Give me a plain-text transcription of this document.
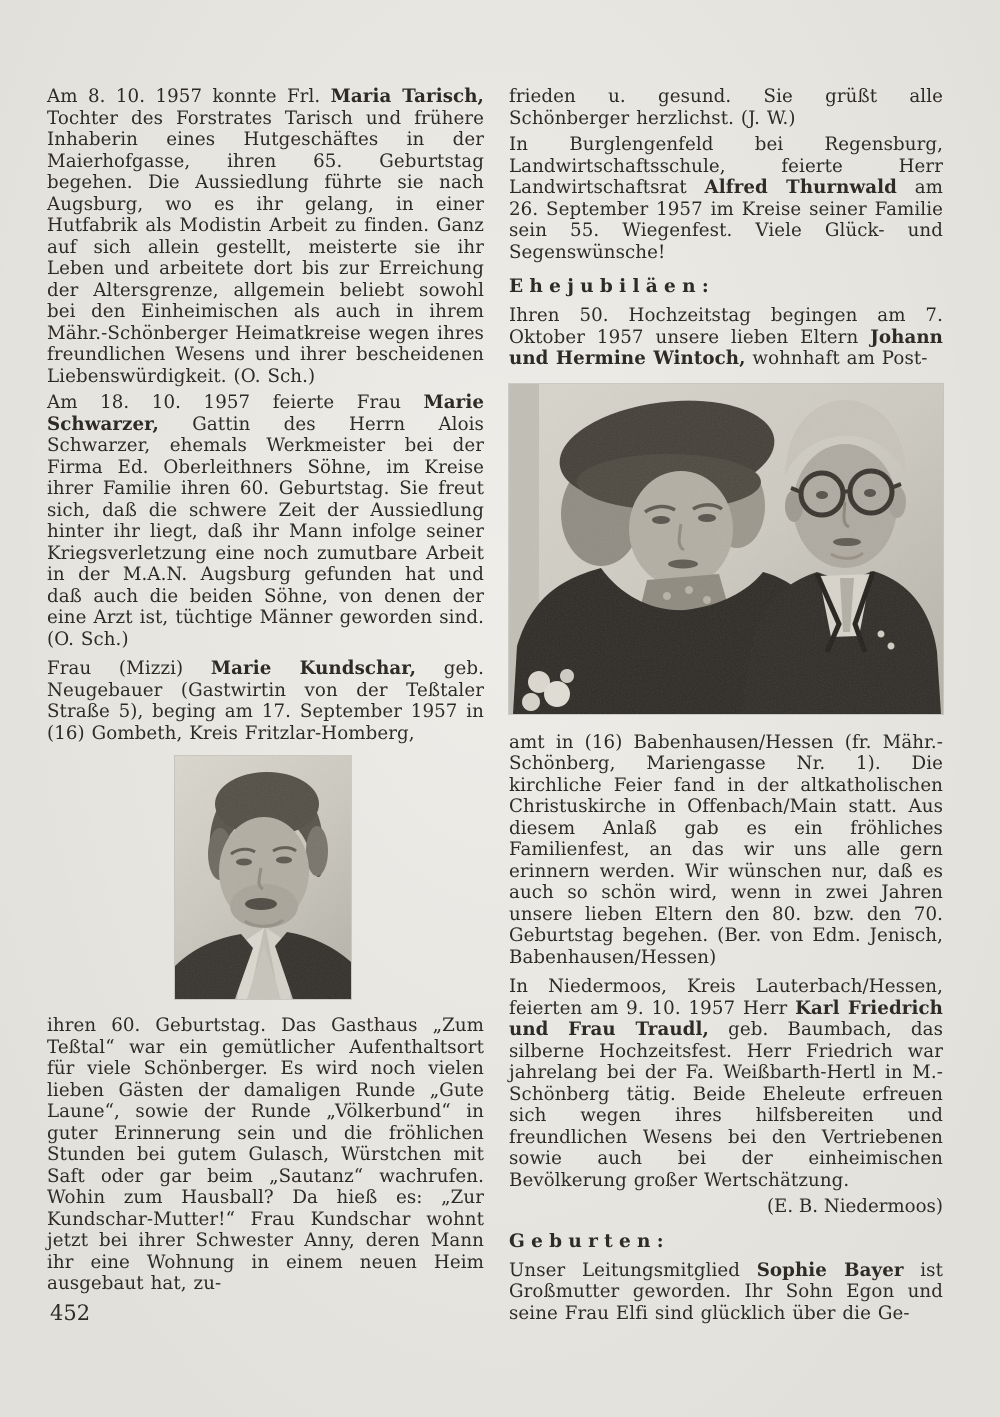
Am 8. 10. 1957 konnte Frl. Maria Tarisch, Tochter des Forstrates Tarisch und frühere Inhaberin eines Hutgeschäftes in der Maierhofgasse, ihren 65. Geburtstag begehen. Die Aussiedlung führte sie nach Augsburg, wo es ihr gelang, in einer Hutfabrik als Modistin Arbeit zu finden. Ganz auf sich allein gestellt, meisterte sie ihr Leben und arbeitete dort bis zur Erreichung der Altersgrenze, allgemein beliebt sowohl bei den Einheimischen als auch in ihrem Mähr.-Schönberger Heimatkreise wegen ihres freundlichen Wesens und ihrer bescheidenen Liebenswürdigkeit. (O. Sch.)

Am 18. 10. 1957 feierte Frau Marie Schwarzer, Gattin des Herrn Alois Schwarzer, ehemals Werkmeister bei der Firma Ed. Oberleithners Söhne, im Kreise ihrer Familie ihren 60. Geburtstag. Sie freut sich, daß die schwere Zeit der Aussiedlung hinter ihr liegt, daß ihr Mann infolge seiner Kriegsverletzung eine noch zumutbare Arbeit in der M.A.N. Augsburg gefunden hat und daß auch die beiden Söhne, von denen der eine Arzt ist, tüchtige Männer geworden sind. (O. Sch.)

Frau (Mizzi) Marie Kundschar, geb. Neugebauer (Gastwirtin von der Teßtaler Straße 5), beging am 17. September 1957 in (16) Gombeth, Kreis Fritzlar-Homberg,

ihren 60. Geburtstag. Das Gasthaus „Zum Teßtal“ war ein gemütlicher Aufenthaltsort für viele Schönberger. Es wird noch vielen lieben Gästen der damaligen Runde „Gute Laune“, sowie der Runde „Völkerbund“ in guter Erinnerung sein und die fröhlichen Stunden bei gutem Gulasch, Würstchen mit Saft oder gar beim „Sautanz“ wachrufen. Wohin zum Hausball? Da hieß es: „Zur Kundschar-Mutter!“ Frau Kundschar wohnt jetzt bei ihrer Schwester Anny, deren Mann ihr eine Wohnung in einem neuen Heim ausgebaut hat, zu-

frieden u. gesund. Sie grüßt alle Schönberger herzlichst. (J. W.)

In Burglengenfeld bei Regensburg, Landwirtschaftsschule, feierte Herr Landwirtschaftsrat Alfred Thurnwald am 26. September 1957 im Kreise seiner Familie sein 55. Wiegenfest. Viele Glück- und Segenswünsche!

Ehejubiläen:

Ihren 50. Hochzeitstag begingen am 7. Oktober 1957 unsere lieben Eltern Johann und Hermine Wintoch, wohnhaft am Post-

amt in (16) Babenhausen/Hessen (fr. Mähr.-Schönberg, Mariengasse Nr. 1). Die kirchliche Feier fand in der altkatholischen Christuskirche in Offenbach/Main statt. Aus diesem Anlaß gab es ein fröhliches Familienfest, an das wir uns alle gern erinnern werden. Wir wünschen nur, daß es auch so schön wird, wenn in zwei Jahren unsere lieben Eltern den 80. bzw. den 70. Geburtstag begehen. (Ber. von Edm. Jenisch, Babenhausen/Hessen)

In Niedermoos, Kreis Lauterbach/Hessen, feierten am 9. 10. 1957 Herr Karl Friedrich und Frau Traudl, geb. Baumbach, das silberne Hochzeitsfest. Herr Friedrich war jahrelang bei der Fa. Weißbarth-Hertl in M.-Schönberg tätig. Beide Eheleute erfreuen sich wegen ihres hilfsbereiten und freundlichen Wesens bei den Vertriebenen sowie auch bei der einheimischen Bevölkerung großer Wertschätzung.

(E. B. Niedermoos)

Geburten:

Unser Leitungsmitglied Sophie Bayer ist Großmutter geworden. Ihr Sohn Egon und seine Frau Elfi sind glücklich über die Ge-

452
